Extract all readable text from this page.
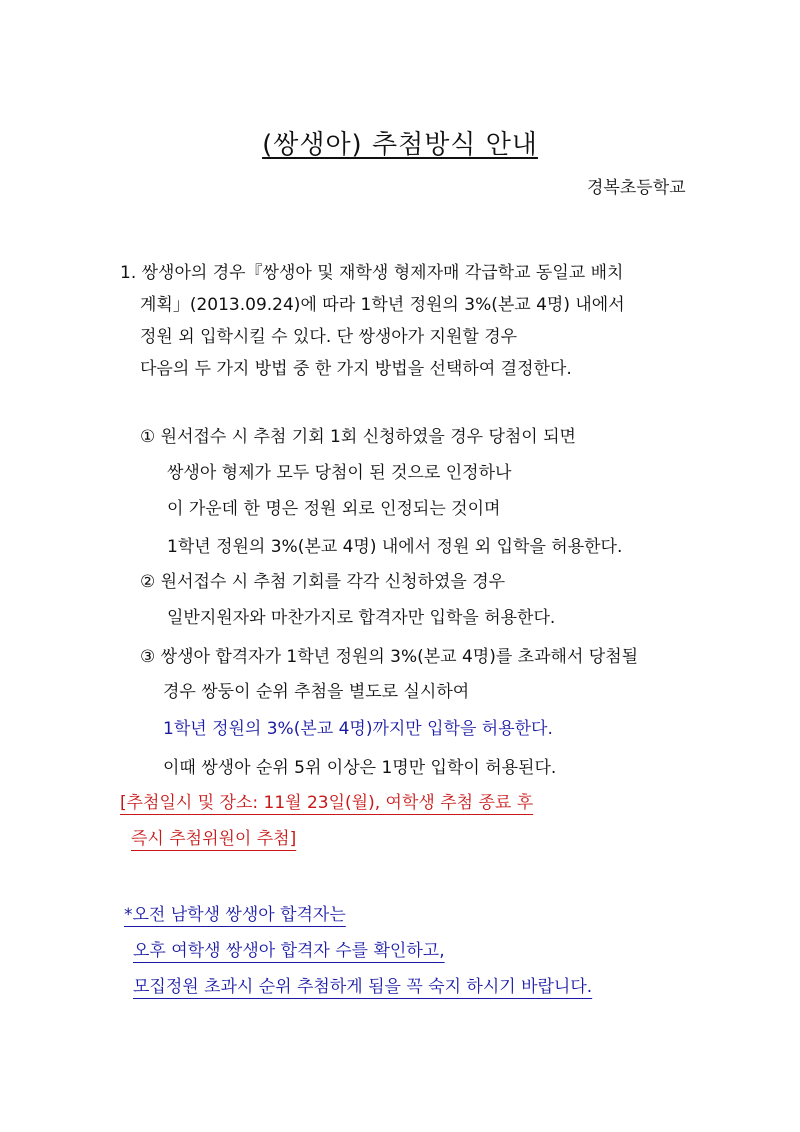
(쌍생아) 추첨방식 안내
경복초등학교
1. 쌍생아의 경우『쌍생아 및 재학생 형제자매 각급학교 동일교 배치
계획」(2013.09.24)에 따라 1학년 정원의 3%(본교 4명) 내에서
정원 외 입학시킬 수 있다. 단 쌍생아가 지원할 경우
다음의 두 가지 방법 중 한 가지 방법을 선택하여 결정한다.
① 원서접수 시 추첨 기회 1회 신청하였을 경우 당첨이 되면
쌍생아 형제가 모두 당첨이 된 것으로 인정하나
이 가운데 한 명은 정원 외로 인정되는 것이며
1학년 정원의 3%(본교 4명) 내에서 정원 외 입학을 허용한다.
② 원서접수 시 추첨 기회를 각각 신청하였을 경우
일반지원자와 마찬가지로 합격자만 입학을 허용한다.
③ 쌍생아 합격자가 1학년 정원의 3%(본교 4명)를 초과해서 당첨될
경우 쌍둥이 순위 추첨을 별도로 실시하여
1학년 정원의 3%(본교 4명)까지만 입학을 허용한다.
이때 쌍생아 순위 5위 이상은 1명만 입학이 허용된다.
[추첨일시 및 장소: 11월 23일(월), 여학생 추첨 종료 후
즉시 추첨위원이 추첨]
*오전 남학생 쌍생아 합격자는
오후 여학생 쌍생아 합격자 수를 확인하고,
모집정원 초과시 순위 추첨하게 됨을 꼭 숙지 하시기 바랍니다.
